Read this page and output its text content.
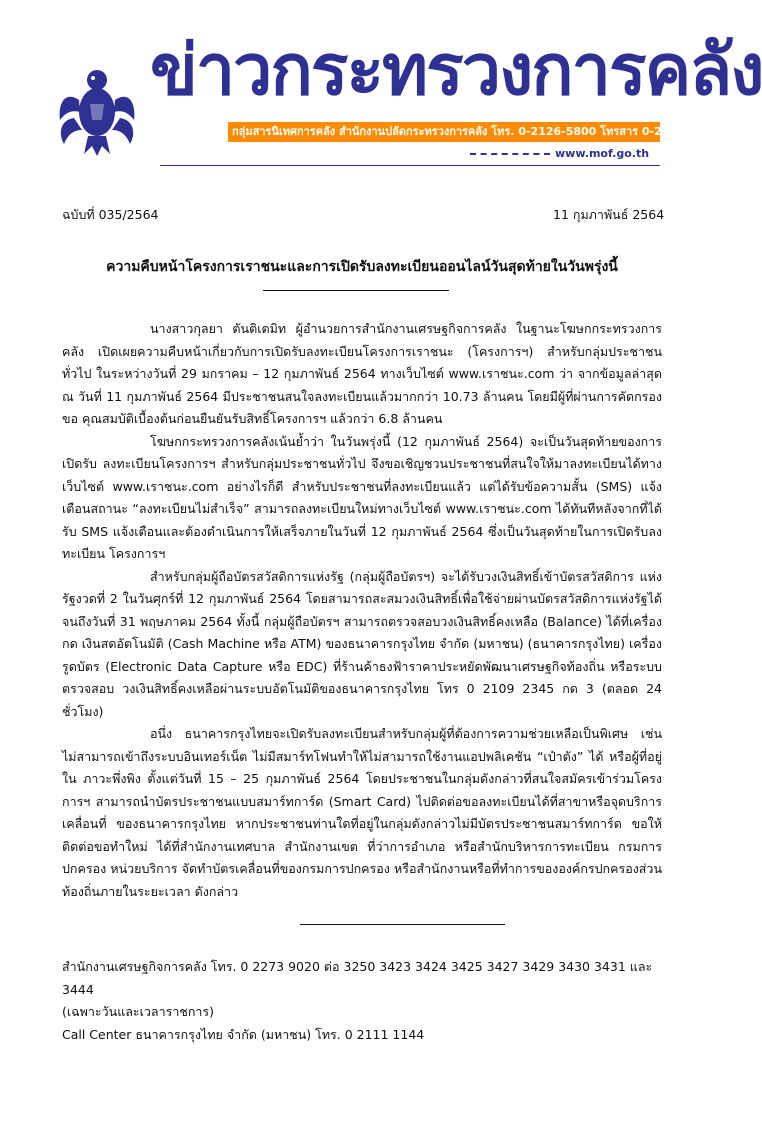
ข่าวกระทรวงการคลัง
กลุ่มสารนิเทศการคลัง สำนักงานปลัดกระทรวงการคลัง โทร. 0-2126-5800 โทรสาร 0-2273-9763
www.mof.go.th
ฉบับที่ 035/2564	11 กุมภาพันธ์ 2564
ความคืบหน้าโครงการเราชนะและการเปิดรับลงทะเบียนออนไลน์วันสุดท้ายในวันพรุ่งนี้

นางสาวกุลยา ตันติเตมิท ผู้อำนวยการสำนักงานเศรษฐกิจการคลัง ในฐานะโฆษกกระทรวงการคลัง เปิดเผยความคืบหน้าเกี่ยวกับการเปิดรับลงทะเบียนโครงการเราชนะ (โครงการฯ) สำหรับกลุ่มประชาชนทั่วไป ในระหว่างวันที่ 29 มกราคม – 12 กุมภาพันธ์ 2564 ทางเว็บไซต์ www.เราชนะ.com ว่า จากข้อมูลล่าสุด ณ วันที่ 11 กุมภาพันธ์ 2564 มีประชาชนสนใจลงทะเบียนแล้วมากกว่า 10.73 ล้านคน โดยมีผู้ที่ผ่านการคัดกรองขอ คุณสมบัติเบื้องต้นก่อนยืนยันรับสิทธิ์โครงการฯ แล้วกว่า 6.8 ล้านคน

โฆษกกระทรวงการคลังเน้นย้ำว่า ในวันพรุ่งนี้ (12 กุมภาพันธ์ 2564) จะเป็นวันสุดท้ายของการเปิดรับ ลงทะเบียนโครงการฯ สำหรับกลุ่มประชาชนทั่วไป จึงขอเชิญชวนประชาชนที่สนใจให้มาลงทะเบียนได้ทางเว็บไซต์ www.เราชนะ.com อย่างไรก็ดี สำหรับประชาชนที่ลงทะเบียนแล้ว แต่ได้รับข้อความสั้น (SMS) แจ้งเตือนสถานะ “ลงทะเบียนไม่สำเร็จ” สามารถลงทะเบียนใหม่ทางเว็บไซต์ www.เราชนะ.com ได้ทันทีหลังจากที่ได้รับ SMS แจ้งเตือนและต้องดำเนินการให้เสร็จภายในวันที่ 12 กุมภาพันธ์ 2564 ซึ่งเป็นวันสุดท้ายในการเปิดรับลงทะเบียน โครงการฯ

สำหรับกลุ่มผู้ถือบัตรสวัสดิการแห่งรัฐ (กลุ่มผู้ถือบัตรฯ) จะได้รับวงเงินสิทธิ์เข้าบัตรสวัสดิการ แห่งรัฐงวดที่ 2 ในวันศุกร์ที่ 12 กุมภาพันธ์ 2564 โดยสามารถสะสมวงเงินสิทธิ์เพื่อใช้จ่ายผ่านบัตรสวัสดิการแห่งรัฐได้ จนถึงวันที่ 31 พฤษภาคม 2564 ทั้งนี้ กลุ่มผู้ถือบัตรฯ สามารถตรวจสอบวงเงินสิทธิ์คงเหลือ (Balance) ได้ที่เครื่องกด เงินสดอัตโนมัติ (Cash Machine หรือ ATM) ของธนาคารกรุงไทย จำกัด (มหาชน) (ธนาคารกรุงไทย) เครื่องรูดบัตร (Electronic Data Capture หรือ EDC) ที่ร้านค้าธงฟ้าราคาประหยัดพัฒนาเศรษฐกิจท้องถิ่น หรือระบบตรวจสอบ วงเงินสิทธิ์คงเหลือผ่านระบบอัตโนมัติของธนาคารกรุงไทย โทร 0 2109 2345 กด 3 (ตลอด 24 ชั่วโมง)

อนึ่ง ธนาคารกรุงไทยจะเปิดรับลงทะเบียนสำหรับกลุ่มผู้ที่ต้องการความช่วยเหลือเป็นพิเศษ เช่น ไม่สามารถเข้าถึงระบบอินเทอร์เน็ต ไม่มีสมาร์ทโฟนทำให้ไม่สามารถใช้งานแอปพลิเคชัน “เป๋าตัง” ได้ หรือผู้ที่อยู่ใน ภาวะพึ่งพิง ตั้งแต่วันที่ 15 – 25 กุมภาพันธ์ 2564 โดยประชาชนในกลุ่มดังกล่าวที่สนใจสมัครเข้าร่วมโครงการฯ สามารถนำบัตรประชาชนแบบสมาร์ทการ์ด (Smart Card) ไปติดต่อขอลงทะเบียนได้ที่สาขาหรือจุดบริการเคลื่อนที่ ของธนาคารกรุงไทย หากประชาชนท่านใดที่อยู่ในกลุ่มดังกล่าวไม่มีบัตรประชาชนสมาร์ทการ์ด ขอให้ติดต่อขอทำใหม่ ได้ที่สำนักงานเทศบาล สำนักงานเขต ที่ว่าการอำเภอ หรือสำนักบริหารการทะเบียน กรมการปกครอง หน่วยบริการ จัดทำบัตรเคลื่อนที่ของกรมการปกครอง หรือสำนักงานหรือที่ทำการขององค์กรปกครองส่วนท้องถิ่นภายในระยะเวลา ดังกล่าว

สำนักงานเศรษฐกิจการคลัง โทร. 0 2273 9020 ต่อ 3250 3423 3424 3425 3427 3429 3430 3431 และ 3444

(เฉพาะวันและเวลาราชการ)

Call Center ธนาคารกรุงไทย จำกัด (มหาชน) โทร. 0 2111 1144
